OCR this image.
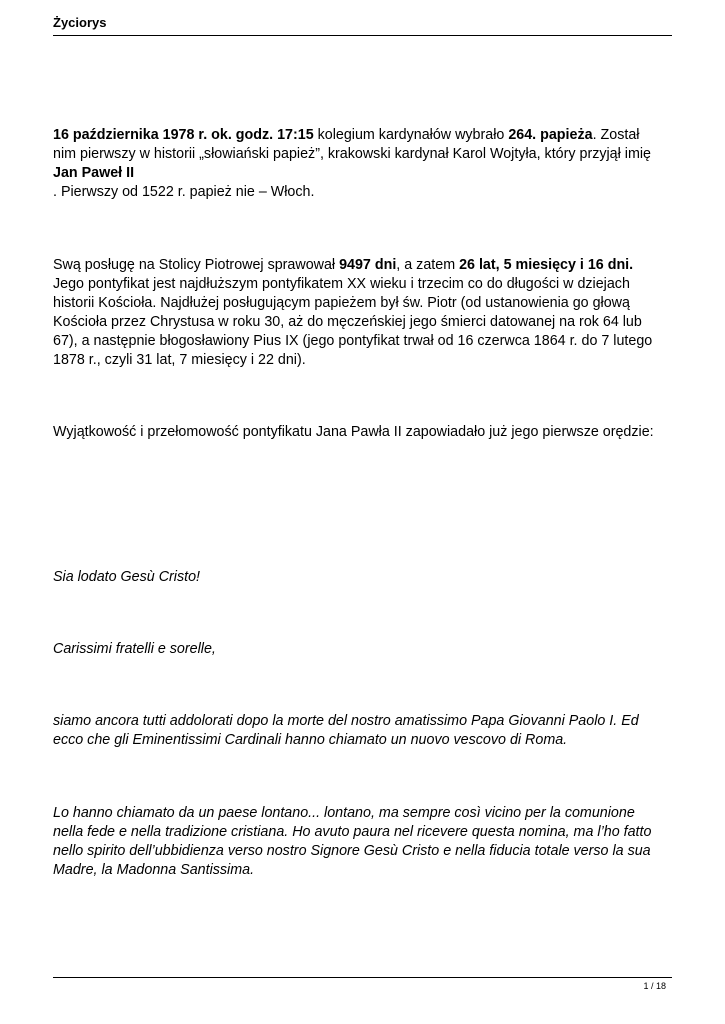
Życiorys

16 października 1978 r. ok. godz. 17:15 kolegium kardynałów wybrało 264. papieża. Został
nim pierwszy w historii „słowiański papież”, krakowski kardynał Karol Wojtyła, który przyjął imię
Jan Paweł II
. Pierwszy od 1522 r. papież nie – Włoch.

Swą posługę na Stolicy Piotrowej sprawował 9497 dni, a zatem 26 lat, 5 miesięcy i 16 dni.
Jego pontyfikat jest najdłuższym pontyfikatem XX wieku i trzecim co do długości w dziejach
historii Kościoła. Najdłużej posługującym papieżem był św. Piotr (od ustanowienia go głową
Kościoła przez Chrystusa w roku 30, aż do męczeńskiej jego śmierci datowanej na rok 64 lub
67), a następnie błogosławiony Pius IX (jego pontyfikat trwał od 16 czerwca 1864 r. do 7 lutego
1878 r., czyli 31 lat, 7 miesięcy i 22 dni).

Wyjątkowość i przełomowość pontyfikatu Jana Pawła II zapowiadało już jego pierwsze orędzie:

Sia lodato Gesù Cristo!

Carissimi fratelli e sorelle,

siamo ancora tutti addolorati dopo la morte del nostro amatissimo Papa Giovanni Paolo I. Ed
ecco che gli Eminentissimi Cardinali hanno chiamato un nuovo vescovo di Roma.

Lo hanno chiamato da un paese lontano... lontano, ma sempre così vicino per la comunione
nella fede e nella tradizione cristiana. Ho avuto paura nel ricevere questa nomina, ma l’ho fatto
nello spirito dell’ubbidienza verso nostro Signore Gesù Cristo e nella fiducia totale verso la sua
Madre, la Madonna Santissima.

1 / 18
